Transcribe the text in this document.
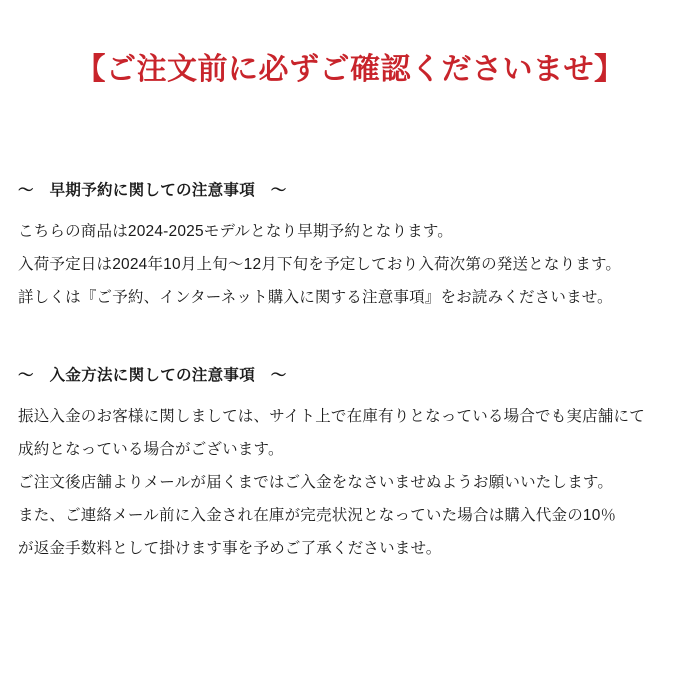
【ご注文前に必ずご確認くださいませ】
〜　早期予約に関しての注意事項　〜
こちらの商品は2024-2025モデルとなり早期予約となります。
入荷予定日は2024年10月上旬〜12月下旬を予定しており入荷次第の発送となります。
詳しくは『ご予約、インターネット購入に関する注意事項』をお読みくださいませ。
〜　入金方法に関しての注意事項　〜
振込入金のお客様に関しましては、サイト上で在庫有りとなっている場合でも実店舗にて
成約となっている場合がございます。
ご注文後店舗よりメールが届くまではご入金をなさいませぬようお願いいたします。
また、ご連絡メール前に入金され在庫が完売状況となっていた場合は購入代金の10％
が返金手数料として掛けます事を予めご了承くださいませ。
